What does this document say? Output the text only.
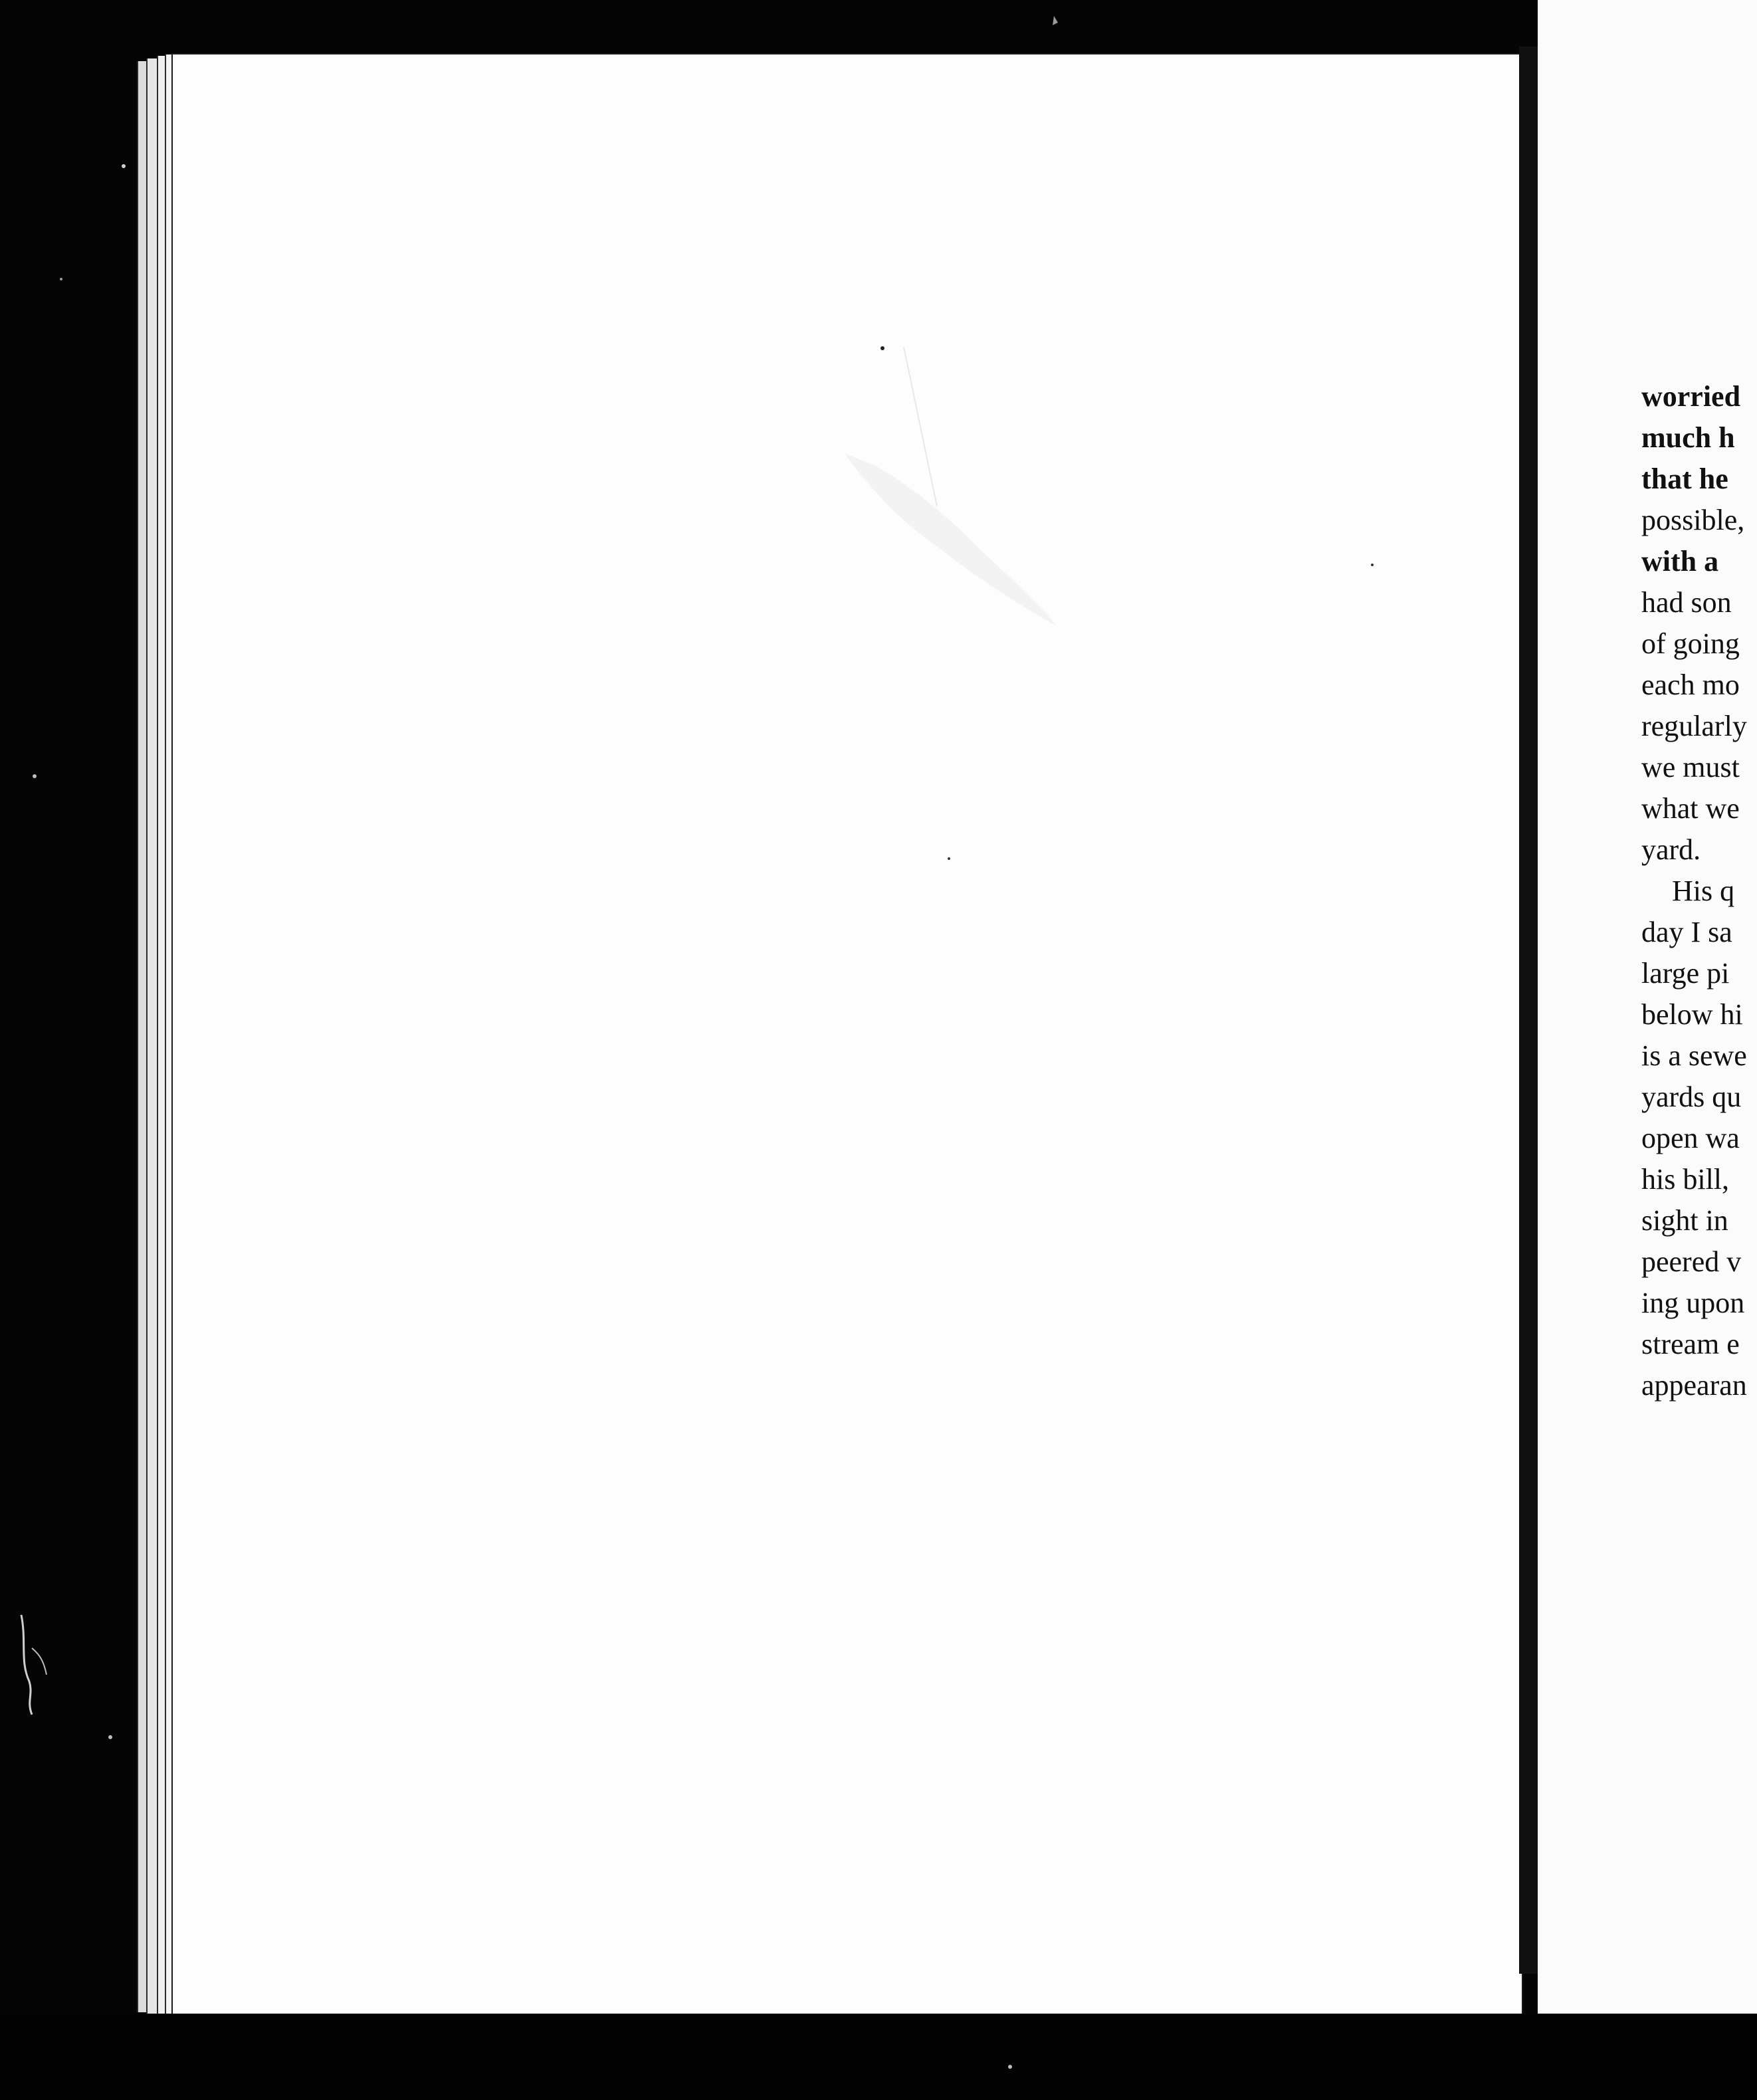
worried
much h
that he
possible,
with a
had son
of going
each mo
regularly
we must
what we
yard.
His q
day I sa
large pi
below hi
is a sewe
yards qu
open wa
his bill,
sight in
peered v
ing upon
stream e
appearan
